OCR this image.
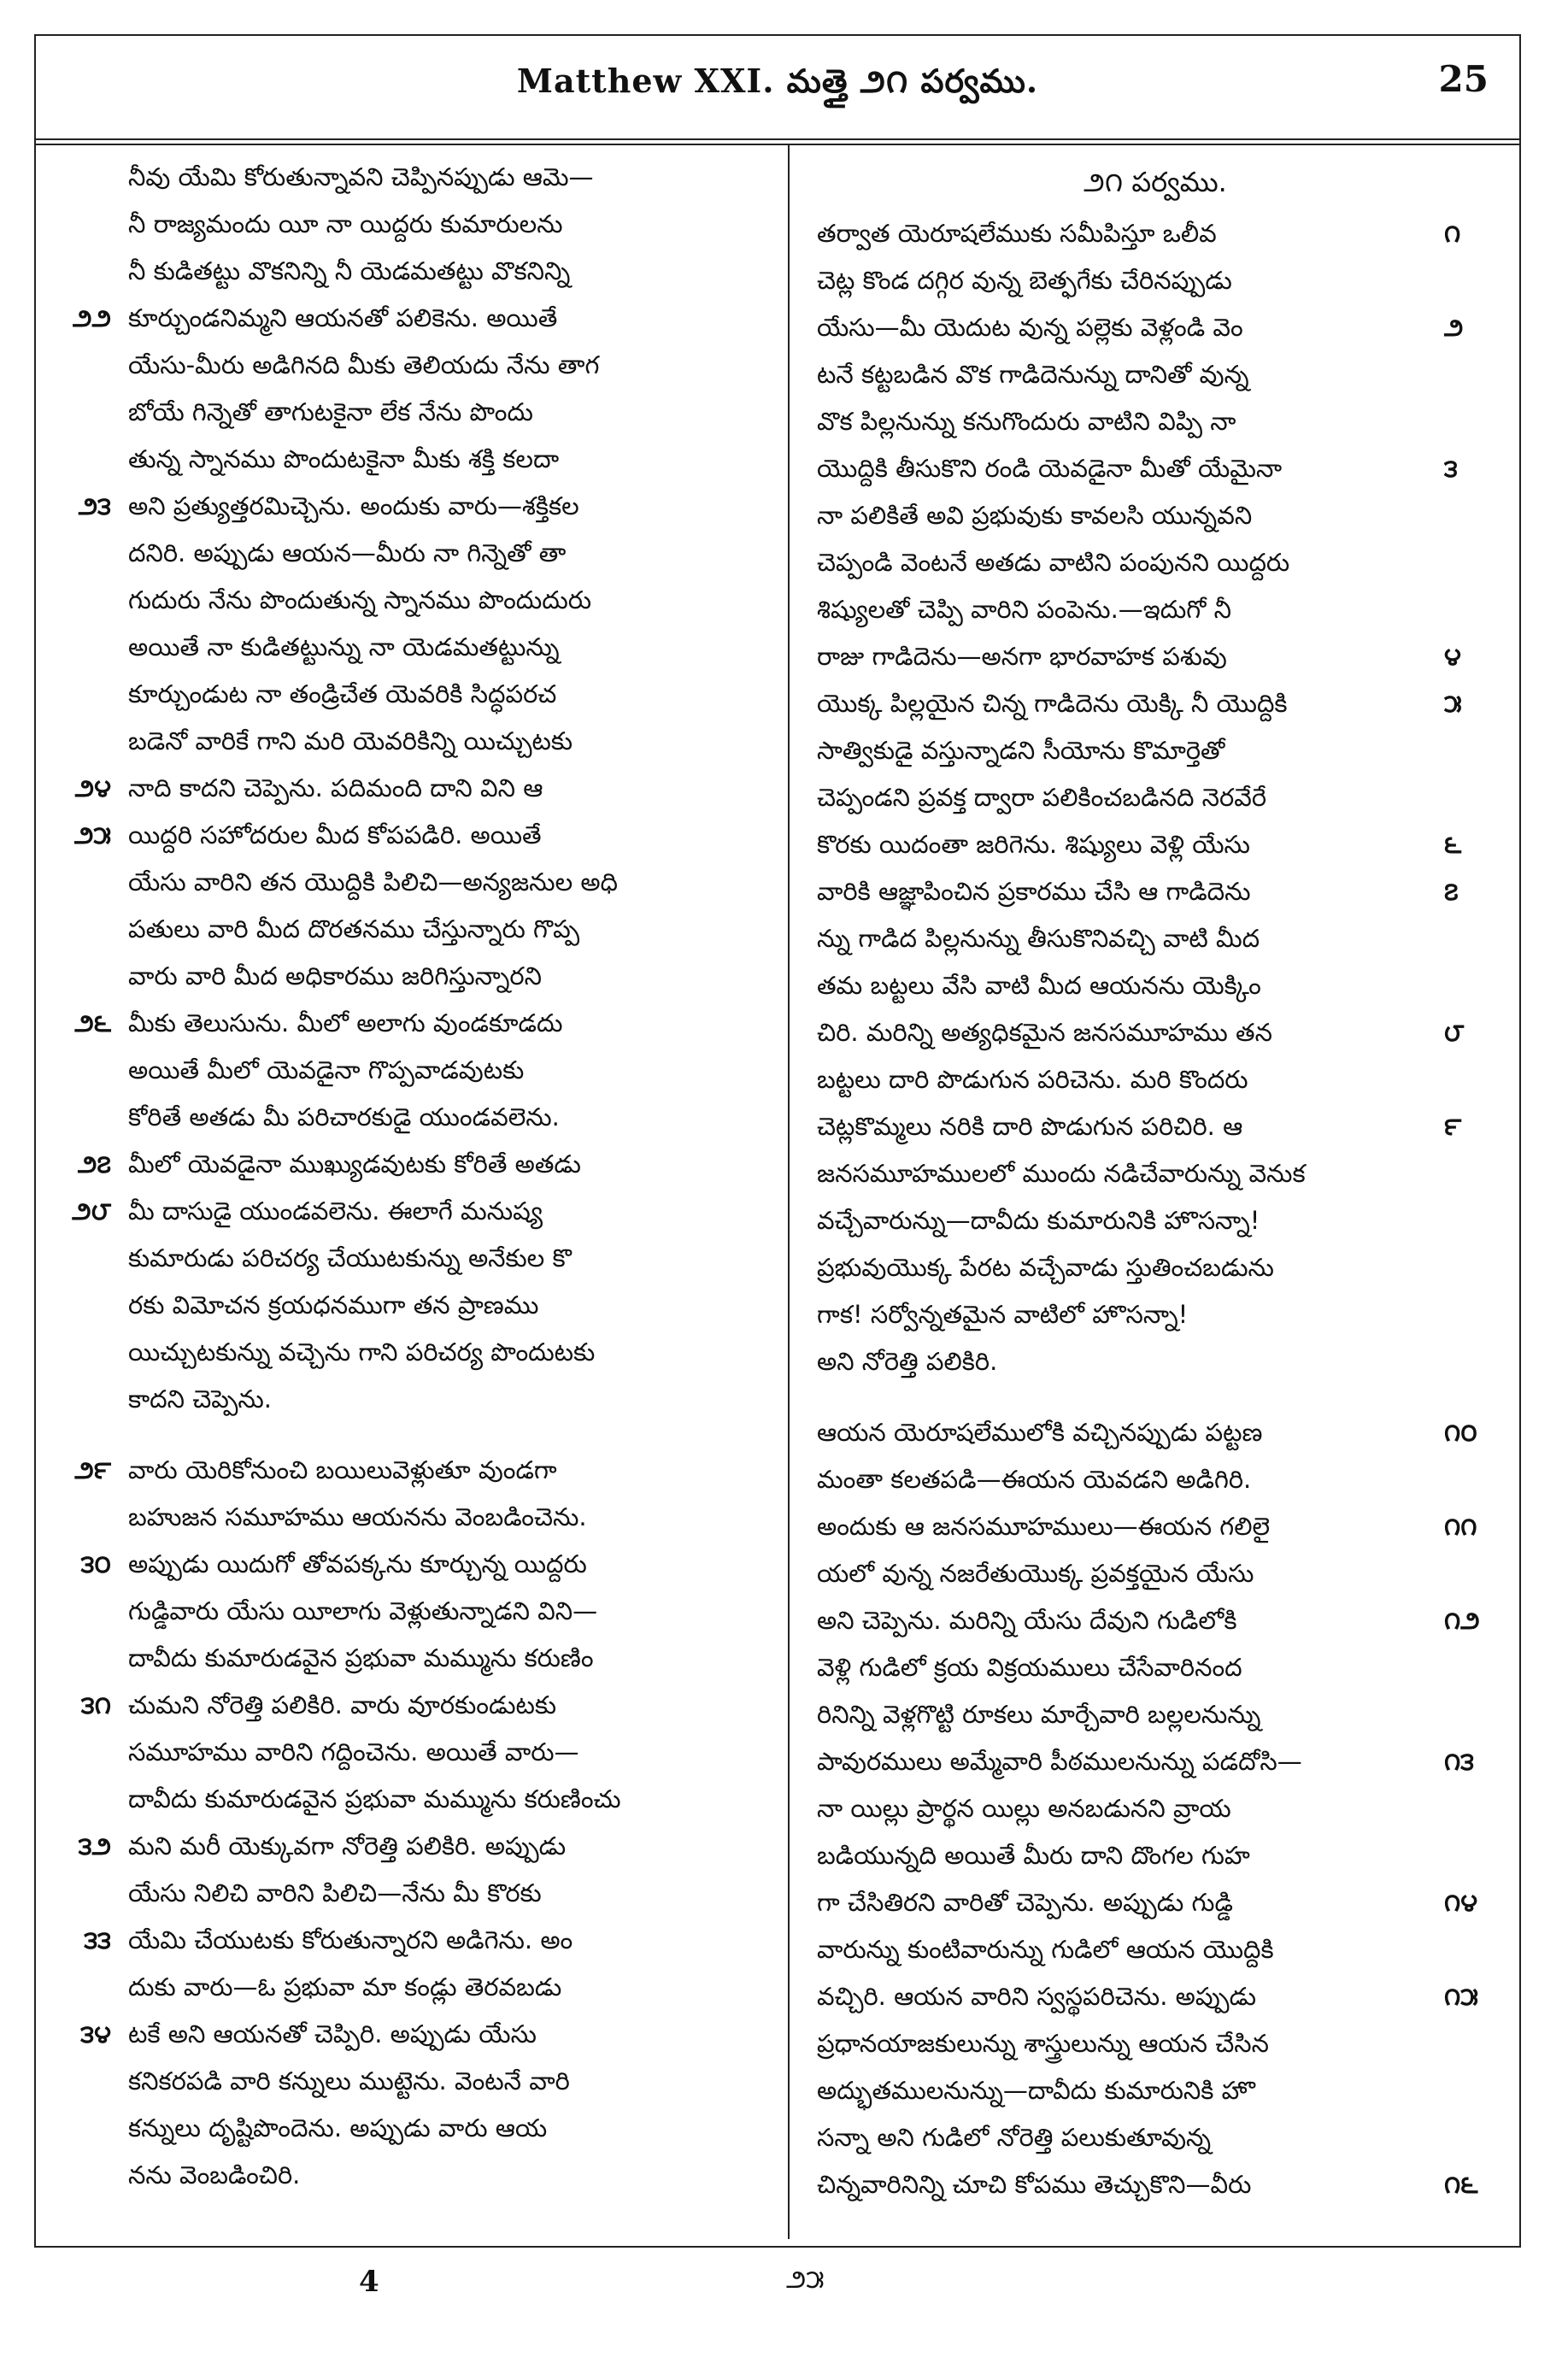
Matthew XXI. మత్తై ౨౧ పర్వము.	25
నీవు యేమి కోరుతున్నావని చెప్పినప్పుడు ఆమె—
నీ రాజ్యమందు యీ నా యిద్దరు కుమారులను
నీ కుడితట్టు వొకనిన్ని నీ యెడమతట్టు వొకనిన్ని
౨౨ కూర్చుండనిమ్మని ఆయనతో పలికెను. అయితే
యేసు-మీరు అడిగినది మీకు తెలియదు నేను తాగ
బోయే గిన్నెతో తాగుటకైనా లేక నేను పొందు
తున్న స్నానము పొందుటకైనా మీకు శక్తి కలదా
౨౩ అని ప్రత్యుత్తరమిచ్చెను. అందుకు వారు—శక్తికల
దనిరి. అప్పుడు ఆయన—మీరు నా గిన్నెతో తా
గుదురు నేను పొందుతున్న స్నానము పొందుదురు
అయితే నా కుడితట్టున్ను నా యెడమతట్టున్ను
కూర్చుండుట నా తండ్రిచేత యెవరికి సిద్ధపరచ
బడెనో వారికే గాని మరి యెవరికిన్ని యిచ్చుటకు
౨౪ నాది కాదని చెప్పెను. పదిమంది దాని విని ఆ
౨౫ యిద్దరి సహోదరుల మీద కోపపడిరి. అయితే
యేసు వారిని తన యొద్దికి పిలిచి—అన్యజనుల అధి
పతులు వారి మీద దొరతనము చేస్తున్నారు గొప్ప
వారు వారి మీద అధికారము జరిగిస్తున్నారని
౨౬ మీకు తెలుసును. మీలో అలాగు వుండకూడదు
అయితే మీలో యెవడైనా గొప్పవాడవుటకు
కోరితే అతడు మీ పరిచారకుడై యుండవలెను.
౨౭ మీలో యెవడైనా ముఖ్యుడవుటకు కోరితే అతడు
౨౮ మీ దాసుడై యుండవలెను. ఈలాగే మనుష్య
కుమారుడు పరిచర్య చేయుటకున్ను అనేకుల కొ
రకు విమోచన క్రయధనముగా తన ప్రాణము
యిచ్చుటకున్ను వచ్చెను గాని పరిచర్య పొందుటకు
కాదని చెప్పెను.
౨౯ వారు యెరికోనుంచి బయిలువెళ్లుతూ వుండగా
బహుజన సమూహము ఆయనను వెంబడించెను.
౩౦ అప్పుడు యిదుగో తోవపక్కను కూర్చున్న యిద్దరు
గుడ్డివారు యేసు యీలాగు వెళ్లుతున్నాడని విని—
దావీదు కుమారుడవైన ప్రభువా మమ్మును కరుణిం
౩౧ చుమని నోరెత్తి పలికిరి. వారు వూరకుండుటకు
సమూహము వారిని గద్దించెను. అయితే వారు—
దావీదు కుమారుడవైన ప్రభువా మమ్మును కరుణించు
౩౨ మని మరీ యెక్కువగా నోరెత్తి పలికిరి. అప్పుడు
యేసు నిలిచి వారిని పిలిచి—నేను మీ కొరకు
౩౩ యేమి చేయుటకు కోరుతున్నారని అడిగెను. అం
దుకు వారు—ఓ ప్రభువా మా కండ్లు తెరవబడు
౩౪ టకే అని ఆయనతో చెప్పిరి. అప్పుడు యేసు
కనికరపడి వారి కన్నులు ముట్టెను. వెంటనే వారి
కన్నులు దృష్టిపొందెను. అప్పుడు వారు ఆయ
నను వెంబడించిరి.
౨౧ పర్వము.
౧
తర్వాత యెరూషలేముకు సమీపిస్తూ ఒలీవ
చెట్ల కొండ దగ్గిర వున్న బెత్ఫగేకు చేరినప్పుడు
౨
యేసు—మీ యెదుట వున్న పల్లెకు వెళ్లండి వెం
టనే కట్టబడిన వొక గాడిదెనున్ను దానితో వున్న
వొక పిల్లనున్ను కనుగొందురు వాటిని విప్పి నా
౩
యొద్దికి తీసుకొని రండి యెవడైనా మీతో యేమైనా
నా పలికితే అవి ప్రభువుకు కావలసి యున్నవని
చెప్పండి వెంటనే అతడు వాటిని పంపునని యిద్దరు
శిష్యులతో చెప్పి వారిని పంపెను.—ఇదుగో నీ
౪
రాజు గాడిదెను—అనగా భారవాహక పశువు
౫
యొక్క పిల్లయైన చిన్న గాడిదెను యెక్కి నీ యొద్దికి
సాత్వికుడై వస్తున్నాడని సీయోను కొమార్తెతో
చెప్పండని ప్రవక్త ద్వారా పలికించబడినది నెరవేరే
౬
కొరకు యిదంతా జరిగెను. శిష్యులు వెళ్లి యేసు
౭
వారికి ఆజ్ఞాపించిన ప్రకారము చేసి ఆ గాడిదెను
న్ను గాడిద పిల్లనున్ను తీసుకొనివచ్చి వాటి మీద
తమ బట్టలు వేసి వాటి మీద ఆయనను యెక్కిం
౮
చిరి. మరిన్ని అత్యధికమైన జనసమూహము తన
బట్టలు దారి పొడుగున పరిచెను. మరి కొందరు
౯
చెట్లకొమ్మలు నరికి దారి పొడుగున పరిచిరి. ఆ
జనసమూహములలో ముందు నడిచేవారున్ను వెనుక
వచ్చేవారున్ను—దావీదు కుమారునికి హొసన్నా!
ప్రభువుయొక్క పేరట వచ్చేవాడు స్తుతించబడును
గాక! సర్వోన్నతమైన వాటిలో హొసన్నా!
అని నోరెత్తి పలికిరి.
౧౦
ఆయన యెరూషలేములోకి వచ్చినప్పుడు పట్టణ
మంతా కలతపడి—ఈయన యెవడని అడిగిరి.
౧౧
అందుకు ఆ జనసమూహములు—ఈయన గలిలై
యలో వున్న నజరేతుయొక్క ప్రవక్తయైన యేసు
౧౨
అని చెప్పెను. మరిన్ని యేసు దేవుని గుడిలోకి
వెళ్లి గుడిలో క్రయ విక్రయములు చేసేవారినంద
రినిన్ని వెళ్లగొట్టి రూకలు మార్చేవారి బల్లలనున్ను
౧౩
పావురములు అమ్మేవారి పీఠములనున్ను పడదోసి—
నా యిల్లు ప్రార్థన యిల్లు అనబడునని వ్రాయ
బడియున్నది అయితే మీరు దాని దొంగల గుహ
౧౪
గా చేసితిరని వారితో చెప్పెను. అప్పుడు గుడ్డి
వారున్ను కుంటివారున్ను గుడిలో ఆయన యొద్దికి
౧౫
వచ్చిరి. ఆయన వారిని స్వస్థపరిచెను. అప్పుడు
ప్రధానయాజకులున్ను శాస్త్రులున్ను ఆయన చేసిన
అద్భుతములనున్ను—దావీదు కుమారునికి హొ
సన్నా అని గుడిలో నోరెత్తి పలుకుతూవున్న
౧౬
చిన్నవారినిన్ని చూచి కోపము తెచ్చుకొని—వీరు
4	౨౫
